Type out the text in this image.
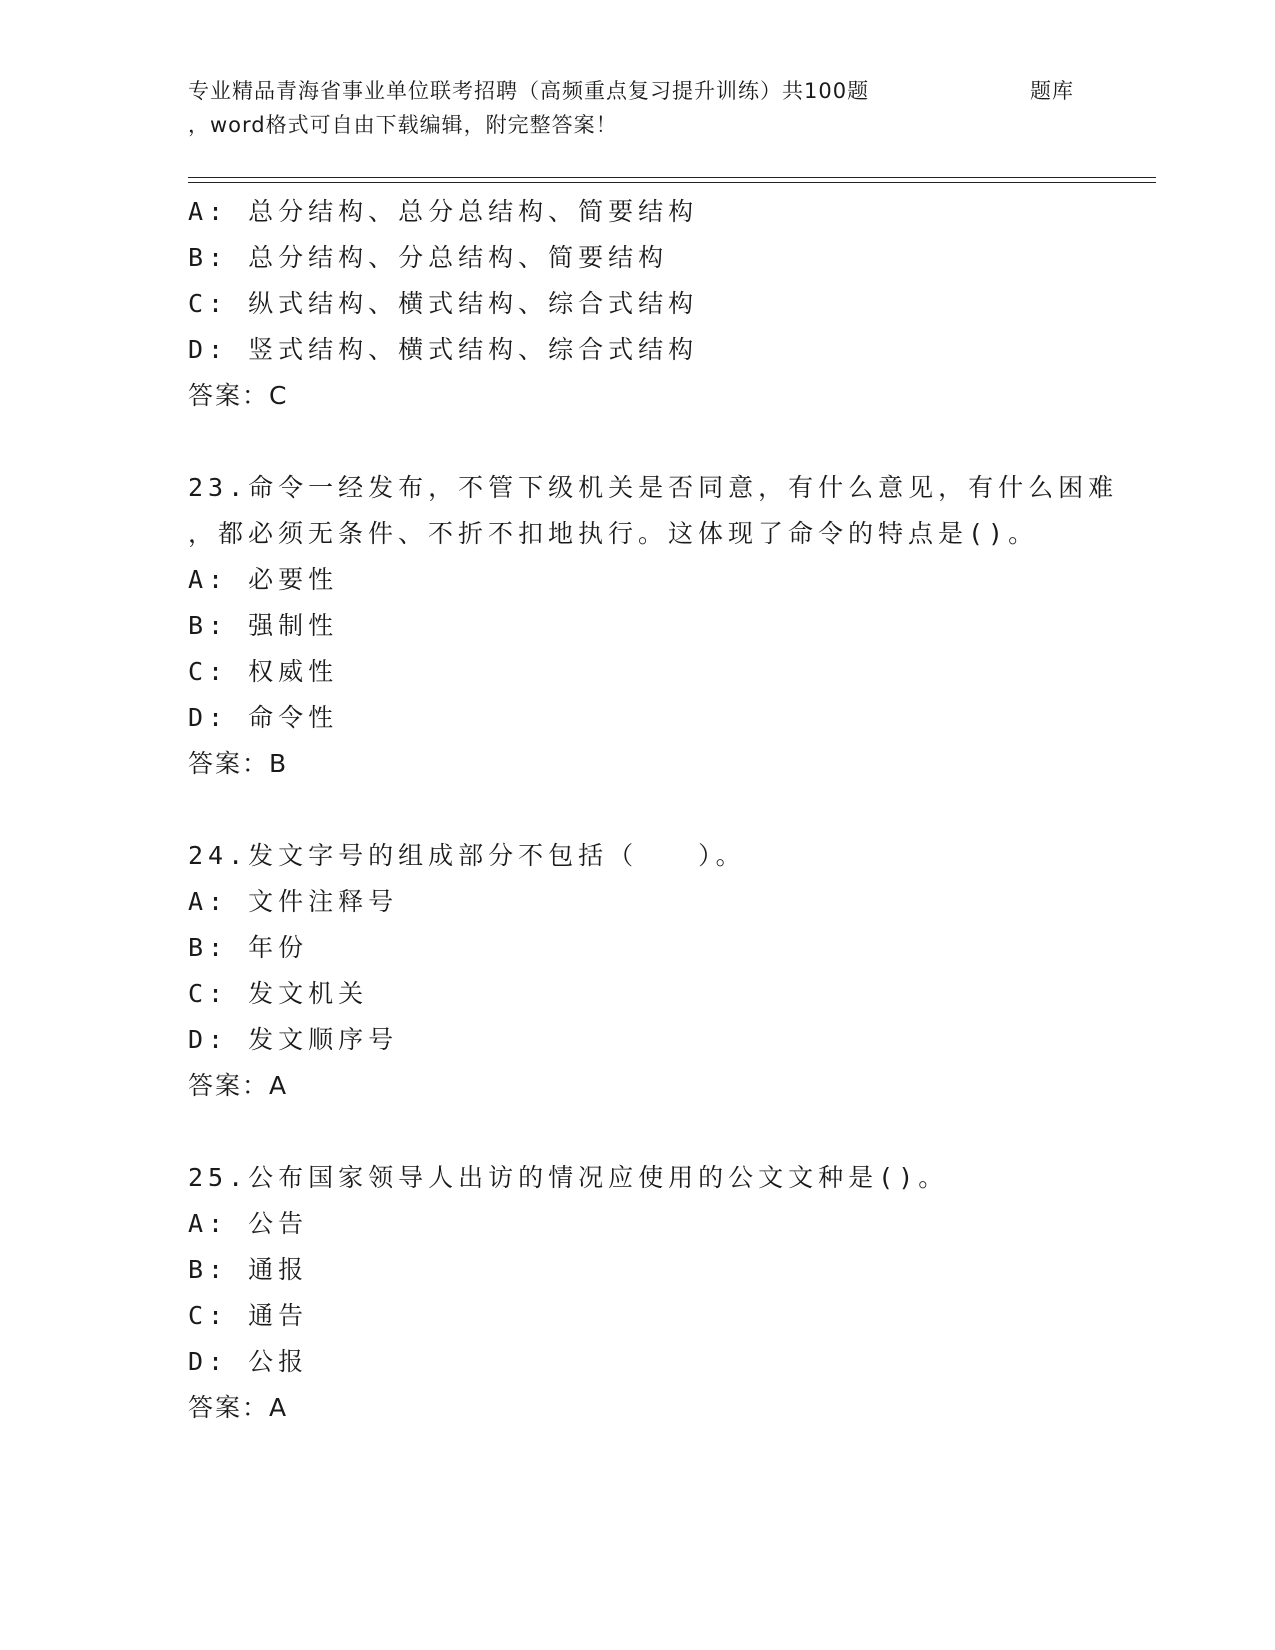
专业精品青海省事业单位联考招聘（高频重点复习提升训练）共100题	题库
，word格式可自由下载编辑，附完整答案！
A: 总分结构、总分总结构、简要结构
B: 总分结构、分总结构、简要结构
C: 纵式结构、横式结构、综合式结构
D: 竖式结构、横式结构、综合式结构
答案：C
23.命令一经发布，不管下级机关是否同意，有什么意见，有什么困难
，都必须无条件、不折不扣地执行。这体现了命令的特点是()。
A: 必要性
B: 强制性
C: 权威性
D: 命令性
答案：B
24.发文字号的组成部分不包括（　　）。
A: 文件注释号
B: 年份
C: 发文机关
D: 发文顺序号
答案：A
25.公布国家领导人出访的情况应使用的公文文种是()。
A: 公告
B: 通报
C: 通告
D: 公报
答案：A
